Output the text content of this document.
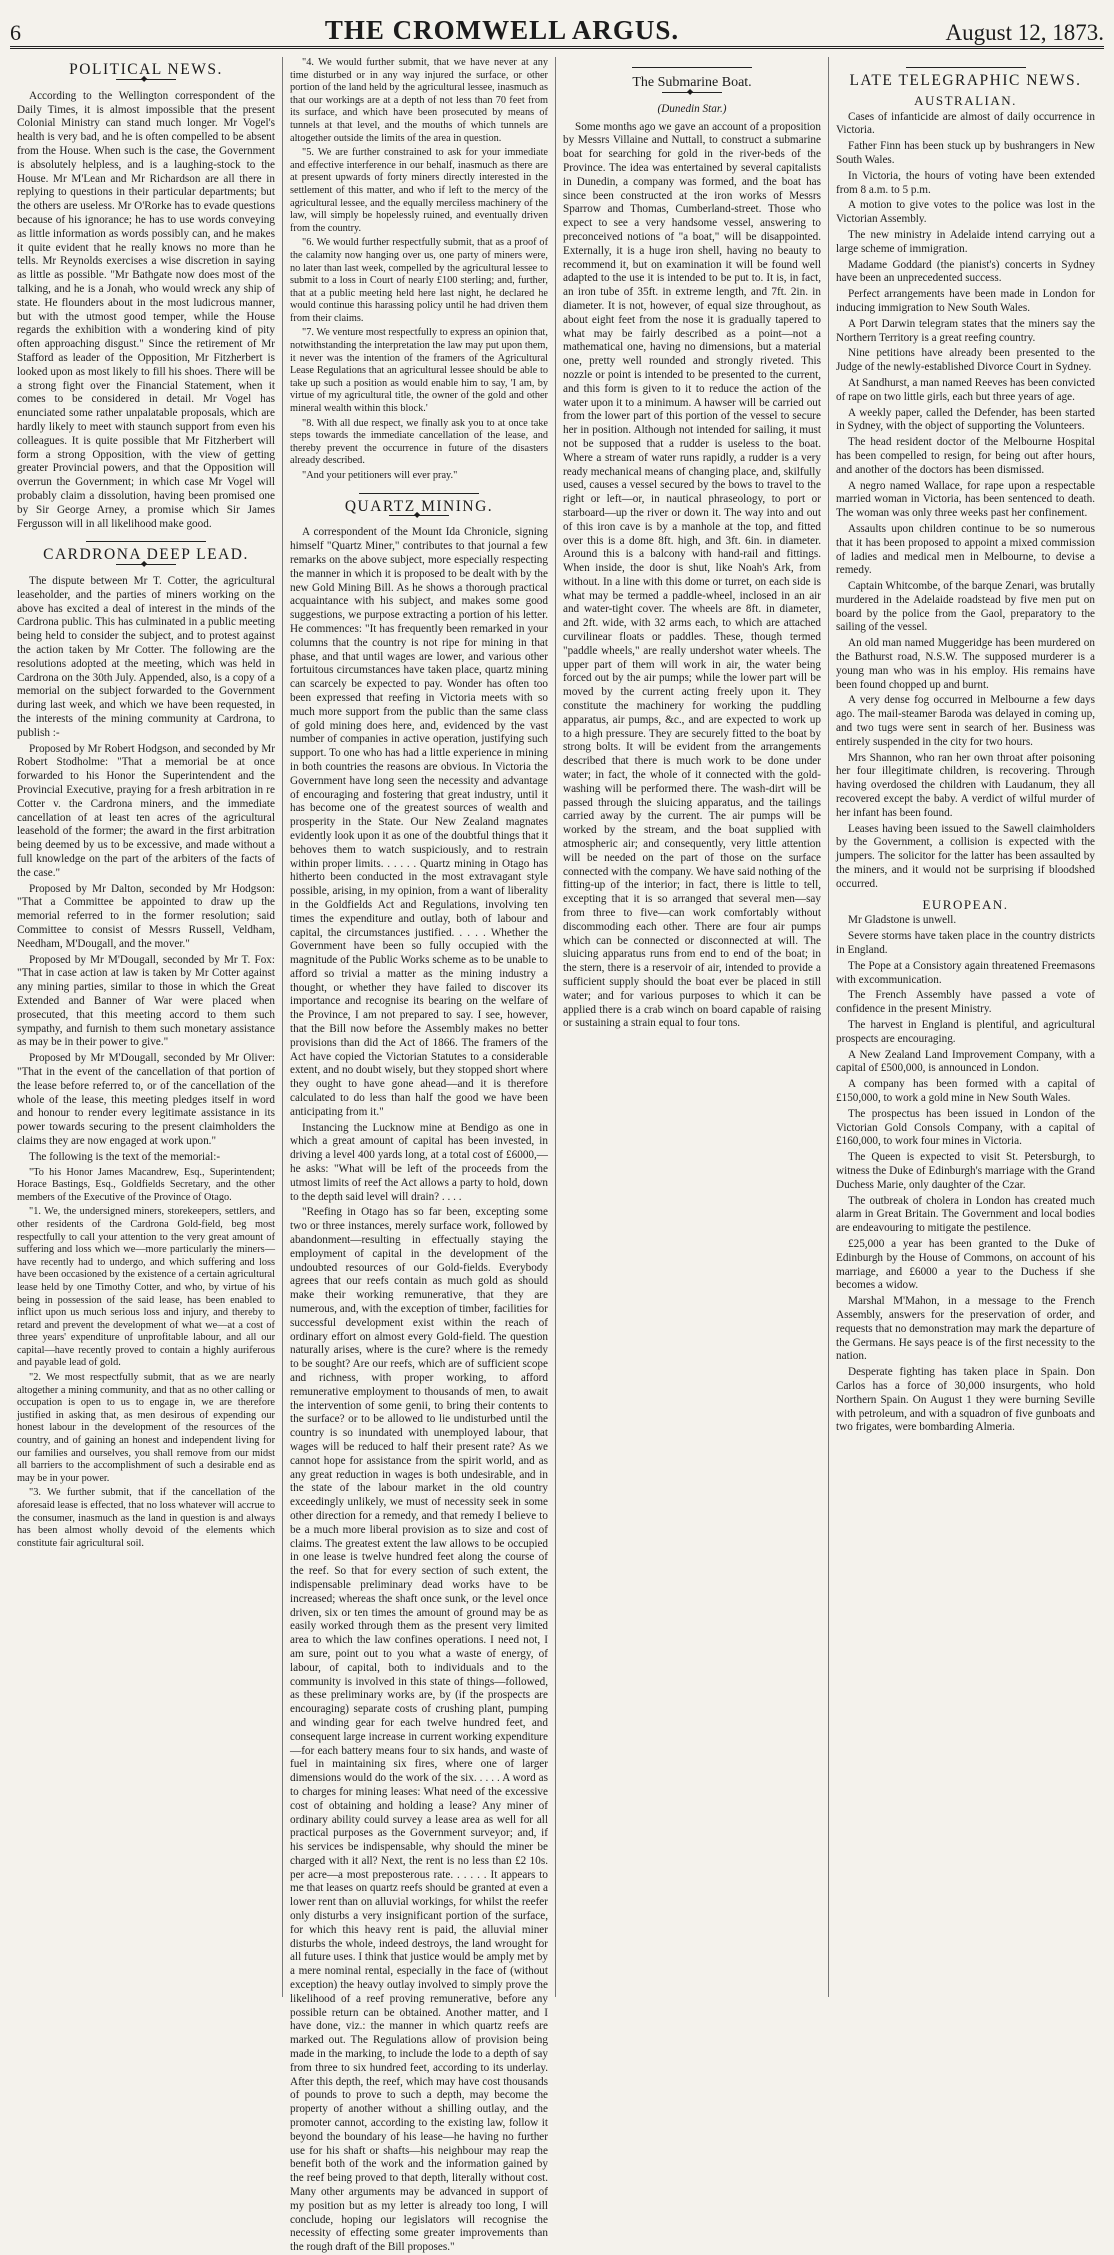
6	THE CROMWELL ARGUS.	August 12, 1873.
POLITICAL NEWS.
◆

According to the Wellington correspondent of the Daily Times, it is almost impossible that the present Colonial Ministry can stand much longer. Mr Vogel's health is very bad, and he is often compelled to be absent from the House. When such is the case, the Government is absolutely helpless, and is a laughing-stock to the House. Mr M'Lean and Mr Richardson are all there in replying to questions in their particular departments; but the others are useless. Mr O'Rorke has to evade questions because of his ignorance; he has to use words conveying as little information as words possibly can, and he makes it quite evident that he really knows no more than he tells. Mr Reynolds exercises a wise discretion in saying as little as possible. "Mr Bathgate now does most of the talking, and he is a Jonah, who would wreck any ship of state. He flounders about in the most ludicrous manner, but with the utmost good temper, while the House regards the exhibition with a wondering kind of pity often approaching disgust." Since the retirement of Mr Stafford as leader of the Opposition, Mr Fitzherbert is looked upon as most likely to fill his shoes. There will be a strong fight over the Financial Statement, when it comes to be considered in detail. Mr Vogel has enunciated some rather unpalatable proposals, which are hardly likely to meet with staunch support from even his colleagues. It is quite possible that Mr Fitzherbert will form a strong Opposition, with the view of getting greater Provincial powers, and that the Opposition will overrun the Government; in which case Mr Vogel will probably claim a dissolution, having been promised one by Sir George Arney, a promise which Sir James Fergusson will in all likelihood make good.

CARDRONA DEEP LEAD.
◆

The dispute between Mr T. Cotter, the agricultural leaseholder, and the parties of miners working on the above has excited a deal of interest in the minds of the Cardrona public. This has culminated in a public meeting being held to consider the subject, and to protest against the action taken by Mr Cotter. The following are the resolutions adopted at the meeting, which was held in Cardrona on the 30th July. Appended, also, is a copy of a memorial on the subject forwarded to the Government during last week, and which we have been requested, in the interests of the mining community at Cardrona, to publish :-

Proposed by Mr Robert Hodgson, and seconded by Mr Robert Stodholme: "That a memorial be at once forwarded to his Honor the Superintendent and the Provincial Executive, praying for a fresh arbitration in re Cotter v. the Cardrona miners, and the immediate cancellation of at least ten acres of the agricultural leasehold of the former; the award in the first arbitration being deemed by us to be excessive, and made without a full knowledge on the part of the arbiters of the facts of the case."

Proposed by Mr Dalton, seconded by Mr Hodgson: "That a Committee be appointed to draw up the memorial referred to in the former resolution; said Committee to consist of Messrs Russell, Veldham, Needham, M'Dougall, and the mover."

Proposed by Mr M'Dougall, seconded by Mr T. Fox: "That in case action at law is taken by Mr Cotter against any mining parties, similar to those in which the Great Extended and Banner of War were placed when prosecuted, that this meeting accord to them such sympathy, and furnish to them such monetary assistance as may be in their power to give."

Proposed by Mr M'Dougall, seconded by Mr Oliver: "That in the event of the cancellation of that portion of the lease before referred to, or of the cancellation of the whole of the lease, this meeting pledges itself in word and honour to render every legitimate assistance in its power towards securing to the present claimholders the claims they are now engaged at work upon."

The following is the text of the memorial:-

"To his Honor James Macandrew, Esq., Superintendent; Horace Bastings, Esq., Goldfields Secretary, and the other members of the Executive of the Province of Otago.

"1. We, the undersigned miners, storekeepers, settlers, and other residents of the Cardrona Gold-field, beg most respectfully to call your attention to the very great amount of suffering and loss which we—more particularly the miners—have recently had to undergo, and which suffering and loss have been occasioned by the existence of a certain agricultural lease held by one Timothy Cotter, and who, by virtue of his being in possession of the said lease, has been enabled to inflict upon us much serious loss and injury, and thereby to retard and prevent the development of what we—at a cost of three years' expenditure of unprofitable labour, and all our capital—have recently proved to contain a highly auriferous and payable lead of gold.

"2. We most respectfully submit, that as we are nearly altogether a mining community, and that as no other calling or occupation is open to us to engage in, we are therefore justified in asking that, as men desirous of expending our honest labour in the development of the resources of the country, and of gaining an honest and independent living for our families and ourselves, you shall remove from our midst all barriers to the accomplishment of such a desirable end as may be in your power.

"3. We further submit, that if the cancellation of the aforesaid lease is effected, that no loss whatever will accrue to the consumer, inasmuch as the land in question is and always has been almost wholly devoid of the elements which constitute fair agricultural soil.

"4. We would further submit, that we have never at any time disturbed or in any way injured the surface, or other portion of the land held by the agricultural lessee, inasmuch as that our workings are at a depth of not less than 70 feet from its surface, and which have been prosecuted by means of tunnels at that level, and the mouths of which tunnels are altogether outside the limits of the area in question.

"5. We are further constrained to ask for your immediate and effective interference in our behalf, inasmuch as there are at present upwards of forty miners directly interested in the settlement of this matter, and who if left to the mercy of the agricultural lessee, and the equally merciless machinery of the law, will simply be hopelessly ruined, and eventually driven from the country.

"6. We would further respectfully submit, that as a proof of the calamity now hanging over us, one party of miners were, no later than last week, compelled by the agricultural lessee to submit to a loss in Court of nearly £100 sterling; and, further, that at a public meeting held here last night, he declared he would continue this harassing policy until he had driven them from their claims.

"7. We venture most respectfully to express an opinion that, notwithstanding the interpretation the law may put upon them, it never was the intention of the framers of the Agricultural Lease Regulations that an agricultural lessee should be able to take up such a position as would enable him to say, 'I am, by virtue of my agricultural title, the owner of the gold and other mineral wealth within this block.'

"8. With all due respect, we finally ask you to at once take steps towards the immediate cancellation of the lease, and thereby prevent the occurrence in future of the disasters already described.

"And your petitioners will ever pray."

QUARTZ MINING.
◆

A correspondent of the Mount Ida Chronicle, signing himself "Quartz Miner," contributes to that journal a few remarks on the above subject, more especially respecting the manner in which it is proposed to be dealt with by the new Gold Mining Bill. As he shows a thorough practical acquaintance with his subject, and makes some good suggestions, we purpose extracting a portion of his letter. He commences: "It has frequently been remarked in your columns that the country is not ripe for mining in that phase, and that until wages are lower, and various other fortuitous circumstances have taken place, quartz mining can scarcely be expected to pay. Wonder has often too been expressed that reefing in Victoria meets with so much more support from the public than the same class of gold mining does here, and, evidenced by the vast number of companies in active operation, justifying such support. To one who has had a little experience in mining in both countries the reasons are obvious. In Victoria the Government have long seen the necessity and advantage of encouraging and fostering that great industry, until it has become one of the greatest sources of wealth and prosperity in the State. Our New Zealand magnates evidently look upon it as one of the doubtful things that it behoves them to watch suspiciously, and to restrain within proper limits. . . . . . Quartz mining in Otago has hitherto been conducted in the most extravagant style possible, arising, in my opinion, from a want of liberality in the Goldfields Act and Regulations, involving ten times the expenditure and outlay, both of labour and capital, the circumstances justified. . . . . Whether the Government have been so fully occupied with the magnitude of the Public Works scheme as to be unable to afford so trivial a matter as the mining industry a thought, or whether they have failed to discover its importance and recognise its bearing on the welfare of the Province, I am not prepared to say. I see, however, that the Bill now before the Assembly makes no better provisions than did the Act of 1866. The framers of the Act have copied the Victorian Statutes to a considerable extent, and no doubt wisely, but they stopped short where they ought to have gone ahead—and it is therefore calculated to do less than half the good we have been anticipating from it."

Instancing the Lucknow mine at Bendigo as one in which a great amount of capital has been invested, in driving a level 400 yards long, at a total cost of £6000,—he asks: "What will be left of the proceeds from the utmost limits of reef the Act allows a party to hold, down to the depth said level will drain? . . . .

"Reefing in Otago has so far been, excepting some two or three instances, merely surface work, followed by abandonment—resulting in effectually staying the employment of capital in the development of the undoubted resources of our Gold-fields. Everybody agrees that our reefs contain as much gold as should make their working remunerative, that they are numerous, and, with the exception of timber, facilities for successful development exist within the reach of ordinary effort on almost every Gold-field. The question naturally arises, where is the cure? where is the remedy to be sought? Are our reefs, which are of sufficient scope and richness, with proper working, to afford remunerative employment to thousands of men, to await the intervention of some genii, to bring their contents to the surface? or to be allowed to lie undisturbed until the country is so inundated with unemployed labour, that wages will be reduced to half their present rate? As we cannot hope for assistance from the spirit world, and as any great reduction in wages is both undesirable, and in the state of the labour market in the old country exceedingly unlikely, we must of necessity seek in some other direction for a remedy, and that remedy I believe to be a much more liberal provision as to size and cost of claims. The greatest extent the law allows to be occupied in one lease is twelve hundred feet along the course of the reef. So that for every section of such extent, the indispensable preliminary dead works have to be increased; whereas the shaft once sunk, or the level once driven, six or ten times the amount of ground may be as easily worked through them as the present very limited area to which the law confines operations. I need not, I am sure, point out to you what a waste of energy, of labour, of capital, both to individuals and to the community is involved in this state of things—followed, as these preliminary works are, by (if the prospects are encouraging) separate costs of crushing plant, pumping and winding gear for each twelve hundred feet, and consequent large increase in current working expenditure—for each battery means four to six hands, and waste of fuel in maintaining six fires, where one of larger dimensions would do the work of the six. . . . . A word as to charges for mining leases: What need of the excessive cost of obtaining and holding a lease? Any miner of ordinary ability could survey a lease area as well for all practical purposes as the Government surveyor; and, if his services be indispensable, why should the miner be charged with it all? Next, the rent is no less than £2 10s. per acre—a most preposterous rate. . . . . . It appears to me that leases on quartz reefs should be granted at even a lower rent than on alluvial workings, for whilst the reefer only disturbs a very insignificant portion of the surface, for which this heavy rent is paid, the alluvial miner disturbs the whole, indeed destroys, the land wrought for all future uses. I think that justice would be amply met by a mere nominal rental, especially in the face of (without exception) the heavy outlay involved to simply prove the likelihood of a reef proving remunerative, before any possible return can be obtained. Another matter, and I have done, viz.: the manner in which quartz reefs are marked out. The Regulations allow of provision being made in the marking, to include the lode to a depth of say from three to six hundred feet, according to its underlay. After this depth, the reef, which may have cost thousands of pounds to prove to such a depth, may become the property of another without a shilling outlay, and the promoter cannot, according to the existing law, follow it beyond the boundary of his lease—he having no further use for his shaft or shafts—his neighbour may reap the benefit both of the work and the information gained by the reef being proved to that depth, literally without cost. Many other arguments may be advanced in support of my position but as my letter is already too long, I will conclude, hoping our legislators will recognise the necessity of effecting some greater improvements than the rough draft of the Bill proposes."

The Submarine Boat.
◆
(Dunedin Star.)

Some months ago we gave an account of a proposition by Messrs Villaine and Nuttall, to construct a submarine boat for searching for gold in the river-beds of the Province. The idea was entertained by several capitalists in Dunedin, a company was formed, and the boat has since been constructed at the iron works of Messrs Sparrow and Thomas, Cumberland-street. Those who expect to see a very handsome vessel, answering to preconceived notions of "a boat," will be disappointed. Externally, it is a huge iron shell, having no beauty to recommend it, but on examination it will be found well adapted to the use it is intended to be put to. It is, in fact, an iron tube of 35ft. in extreme length, and 7ft. 2in. in diameter. It is not, however, of equal size throughout, as about eight feet from the nose it is gradually tapered to what may be fairly described as a point—not a mathematical one, having no dimensions, but a material one, pretty well rounded and strongly riveted. This nozzle or point is intended to be presented to the current, and this form is given to it to reduce the action of the water upon it to a minimum. A hawser will be carried out from the lower part of this portion of the vessel to secure her in position. Although not intended for sailing, it must not be supposed that a rudder is useless to the boat. Where a stream of water runs rapidly, a rudder is a very ready mechanical means of changing place, and, skilfully used, causes a vessel secured by the bows to travel to the right or left—or, in nautical phraseology, to port or starboard—up the river or down it. The way into and out of this iron cave is by a manhole at the top, and fitted over this is a dome 8ft. high, and 3ft. 6in. in diameter. Around this is a balcony with hand-rail and fittings. When inside, the door is shut, like Noah's Ark, from without. In a line with this dome or turret, on each side is what may be termed a paddle-wheel, inclosed in an air and water-tight cover. The wheels are 8ft. in diameter, and 2ft. wide, with 32 arms each, to which are attached curvilinear floats or paddles. These, though termed "paddle wheels," are really undershot water wheels. The upper part of them will work in air, the water being forced out by the air pumps; while the lower part will be moved by the current acting freely upon it. They constitute the machinery for working the puddling apparatus, air pumps, &c., and are expected to work up to a high pressure. They are securely fitted to the boat by strong bolts. It will be evident from the arrangements described that there is much work to be done under water; in fact, the whole of it connected with the gold-washing will be performed there. The wash-dirt will be passed through the sluicing apparatus, and the tailings carried away by the current. The air pumps will be worked by the stream, and the boat supplied with atmospheric air; and consequently, very little attention will be needed on the part of those on the surface connected with the company. We have said nothing of the fitting-up of the interior; in fact, there is little to tell, excepting that it is so arranged that several men—say from three to five—can work comfortably without discommoding each other. There are four air pumps which can be connected or disconnected at will. The sluicing apparatus runs from end to end of the boat; in the stern, there is a reservoir of air, intended to provide a sufficient supply should the boat ever be placed in still water; and for various purposes to which it can be applied there is a crab winch on board capable of raising or sustaining a strain equal to four tons.

LATE TELEGRAPHIC NEWS.
AUSTRALIAN.

Cases of infanticide are almost of daily occurrence in Victoria.

Father Finn has been stuck up by bushrangers in New South Wales.

In Victoria, the hours of voting have been extended from 8 a.m. to 5 p.m.

A motion to give votes to the police was lost in the Victorian Assembly.

The new ministry in Adelaide intend carrying out a large scheme of immigration.

Madame Goddard (the pianist's) concerts in Sydney have been an unprecedented success.

Perfect arrangements have been made in London for inducing immigration to New South Wales.

A Port Darwin telegram states that the miners say the Northern Territory is a great reefing country.

Nine petitions have already been presented to the Judge of the newly-established Divorce Court in Sydney.

At Sandhurst, a man named Reeves has been convicted of rape on two little girls, each but three years of age.

A weekly paper, called the Defender, has been started in Sydney, with the object of supporting the Volunteers.

The head resident doctor of the Melbourne Hospital has been compelled to resign, for being out after hours, and another of the doctors has been dismissed.

A negro named Wallace, for rape upon a respectable married woman in Victoria, has been sentenced to death. The woman was only three weeks past her confinement.

Assaults upon children continue to be so numerous that it has been proposed to appoint a mixed commission of ladies and medical men in Melbourne, to devise a remedy.

Captain Whitcombe, of the barque Zenari, was brutally murdered in the Adelaide roadstead by five men put on board by the police from the Gaol, preparatory to the sailing of the vessel.

An old man named Muggeridge has been murdered on the Bathurst road, N.S.W. The supposed murderer is a young man who was in his employ. His remains have been found chopped up and burnt.

A very dense fog occurred in Melbourne a few days ago. The mail-steamer Baroda was delayed in coming up, and two tugs were sent in search of her. Business was entirely suspended in the city for two hours.

Mrs Shannon, who ran her own throat after poisoning her four illegitimate children, is recovering. Through having overdosed the children with Laudanum, they all recovered except the baby. A verdict of wilful murder of her infant has been found.

Leases having been issued to the Sawell claimholders by the Government, a collision is expected with the jumpers. The solicitor for the latter has been assaulted by the miners, and it would not be surprising if bloodshed occurred.

EUROPEAN.

Mr Gladstone is unwell.

Severe storms have taken place in the country districts in England.

The Pope at a Consistory again threatened Freemasons with excommunication.

The French Assembly have passed a vote of confidence in the present Ministry.

The harvest in England is plentiful, and agricultural prospects are encouraging.

A New Zealand Land Improvement Company, with a capital of £500,000, is announced in London.

A company has been formed with a capital of £150,000, to work a gold mine in New South Wales.

The prospectus has been issued in London of the Victorian Gold Consols Company, with a capital of £160,000, to work four mines in Victoria.

The Queen is expected to visit St. Petersburgh, to witness the Duke of Edinburgh's marriage with the Grand Duchess Marie, only daughter of the Czar.

The outbreak of cholera in London has created much alarm in Great Britain. The Government and local bodies are endeavouring to mitigate the pestilence.

£25,000 a year has been granted to the Duke of Edinburgh by the House of Commons, on account of his marriage, and £6000 a year to the Duchess if she becomes a widow.

Marshal M'Mahon, in a message to the French Assembly, answers for the preservation of order, and requests that no demonstration may mark the departure of the Germans. He says peace is of the first necessity to the nation.

Desperate fighting has taken place in Spain. Don Carlos has a force of 30,000 insurgents, who hold Northern Spain. On August 1 they were burning Seville with petroleum, and with a squadron of five gunboats and two frigates, were bombarding Almeria.
